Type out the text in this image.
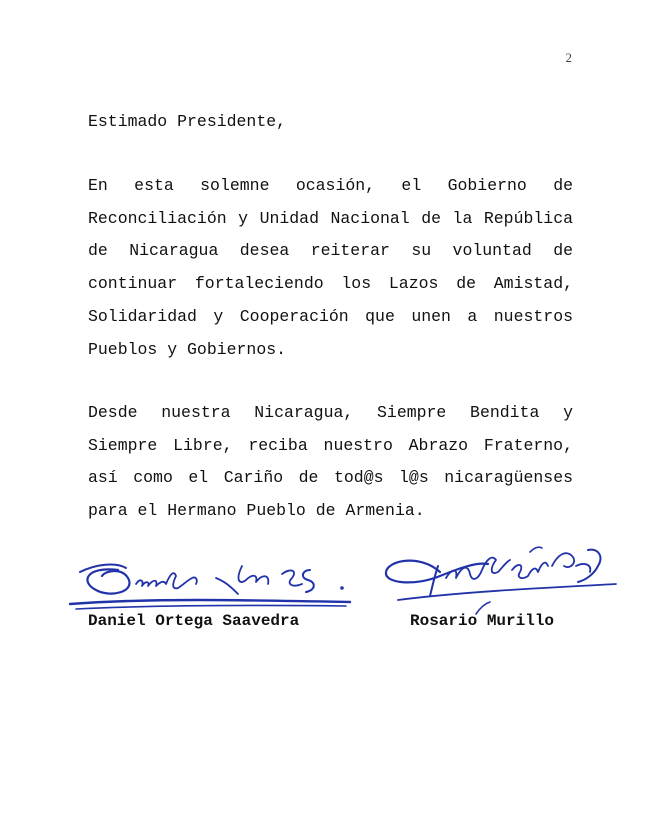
2
Estimado Presidente,

En esta solemne ocasión, el Gobierno de Reconciliación y Unidad Nacional de la República de Nicaragua desea reiterar su voluntad de continuar fortaleciendo los Lazos de Amistad, Solidaridad y Cooperación que unen a nuestros Pueblos y Gobiernos.

Desde nuestra Nicaragua, Siempre Bendita y Siempre Libre, reciba nuestro Abrazo Fraterno, así como el Cariño de tod@s l@s nicaragüenses para el Hermano Pueblo de Armenia.

Daniel Ortega Saavedra	Rosario Murillo
